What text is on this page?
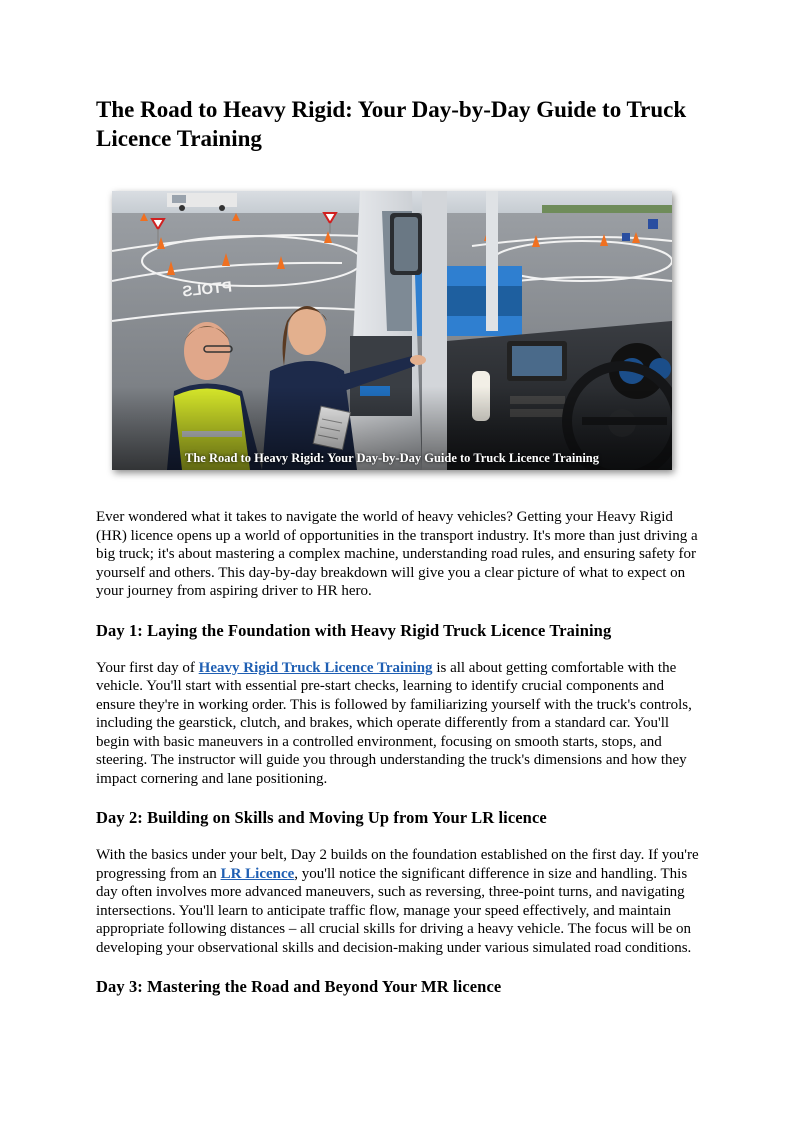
The Road to Heavy Rigid: Your Day-by-Day Guide to Truck Licence Training
The Road to Heavy Rigid: Your Day-by-Day Guide to Truck Licence Training

Ever wondered what it takes to navigate the world of heavy vehicles? Getting your Heavy Rigid (HR) licence opens up a world of opportunities in the transport industry. It's more than just driving a big truck; it's about mastering a complex machine, understanding road rules, and ensuring safety for yourself and others. This day-by-day breakdown will give you a clear picture of what to expect on your journey from aspiring driver to HR hero.

Day 1: Laying the Foundation with Heavy Rigid Truck Licence Training

Your first day of Heavy Rigid Truck Licence Training is all about getting comfortable with the vehicle. You'll start with essential pre-start checks, learning to identify crucial components and ensure they're in working order. This is followed by familiarizing yourself with the truck's controls, including the gearstick, clutch, and brakes, which operate differently from a standard car. You'll begin with basic maneuvers in a controlled environment, focusing on smooth starts, stops, and steering. The instructor will guide you through understanding the truck's dimensions and how they impact cornering and lane positioning.

Day 2: Building on Skills and Moving Up from Your LR licence

With the basics under your belt, Day 2 builds on the foundation established on the first day. If you're progressing from an LR Licence, you'll notice the significant difference in size and handling. This day often involves more advanced maneuvers, such as reversing, three-point turns, and navigating intersections. You'll learn to anticipate traffic flow, manage your speed effectively, and maintain appropriate following distances – all crucial skills for driving a heavy vehicle. The focus will be on developing your observational skills and decision-making under various simulated road conditions.

Day 3: Mastering the Road and Beyond Your MR licence
